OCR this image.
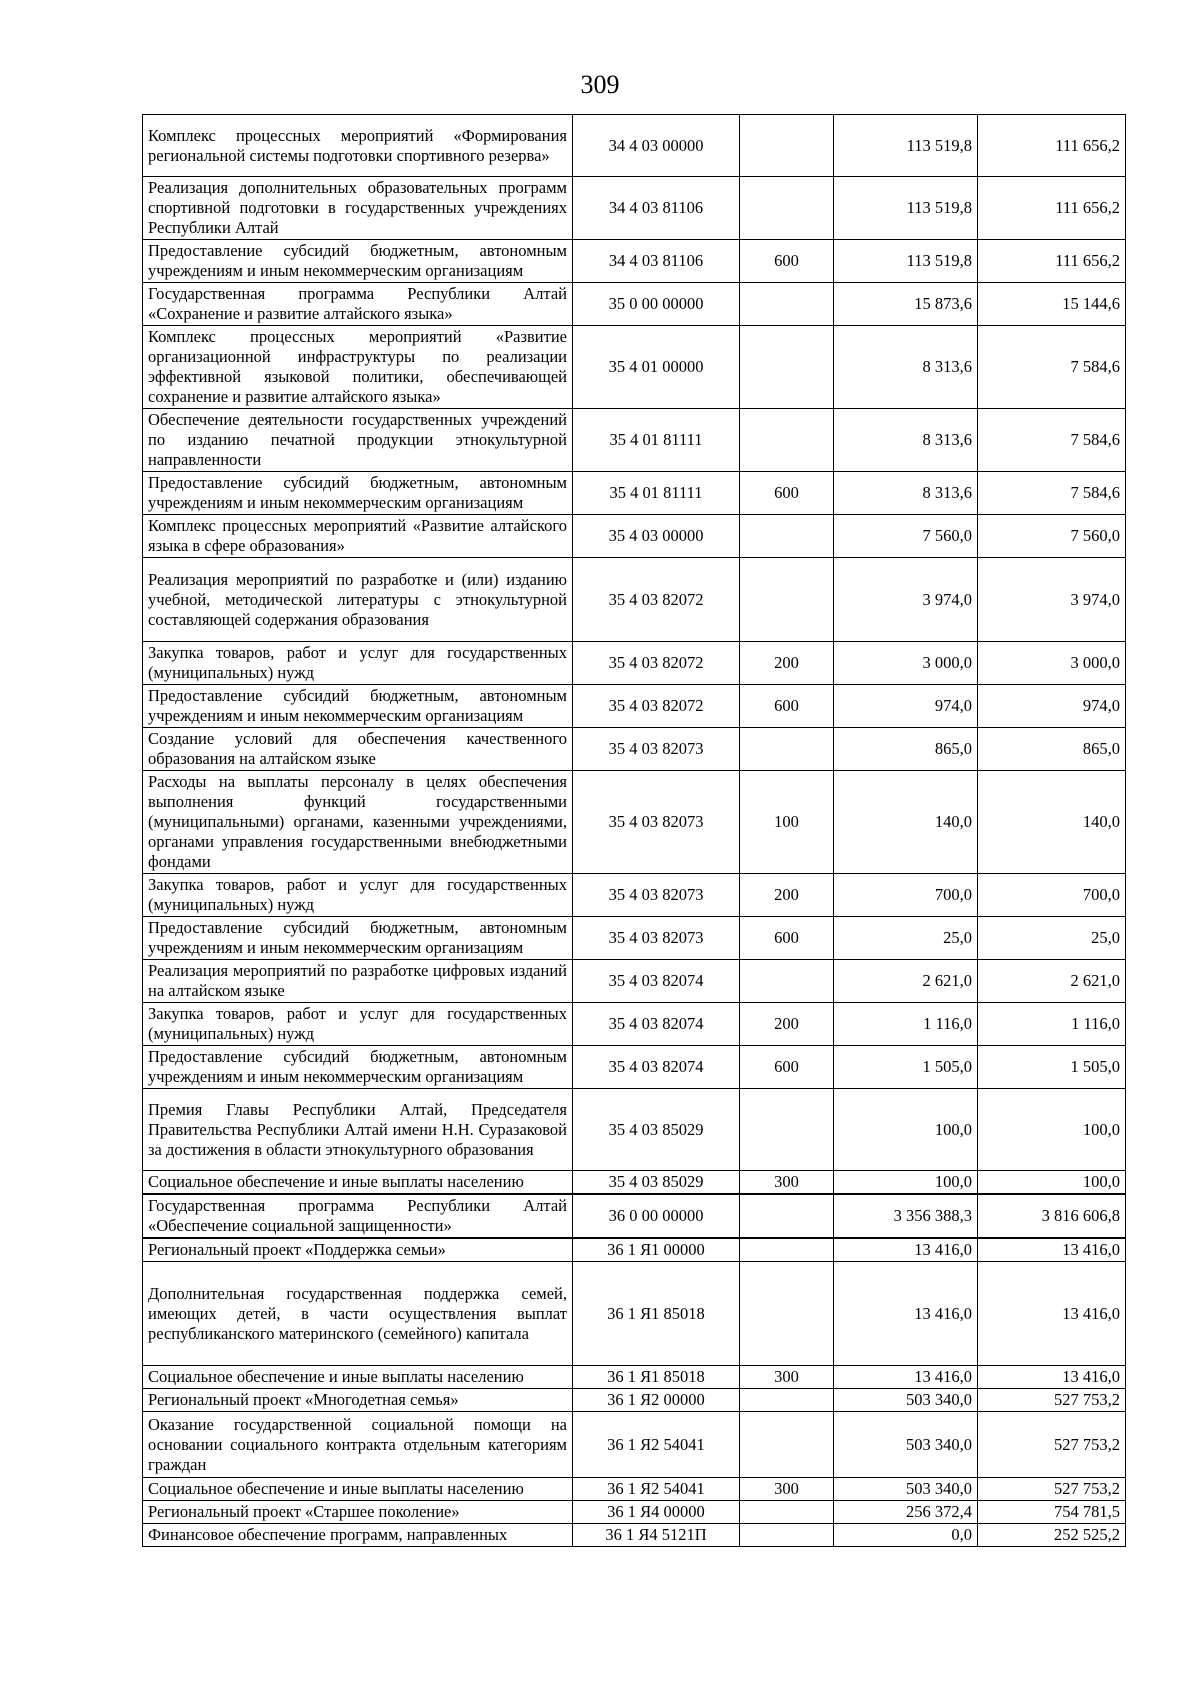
309
Комплекс процессных мероприятий «Формирования региональной системы подготовки спортивного резерва»	34 4 03 00000		113 519,8	111 656,2
Реализация дополнительных образовательных программ спортивной подготовки в государственных учреждениях Республики Алтай	34 4 03 81106		113 519,8	111 656,2
Предоставление субсидий бюджетным, автономным учреждениям и иным некоммерческим организациям	34 4 03 81106	600	113 519,8	111 656,2
Государственная программа Республики Алтай «Сохранение и развитие алтайского языка»	35 0 00 00000		15 873,6	15 144,6
Комплекс процессных мероприятий «Развитие организационной инфраструктуры по реализации эффективной языковой политики, обеспечивающей сохранение и развитие алтайского языка»	35 4 01 00000		8 313,6	7 584,6
Обеспечение деятельности государственных учреждений по изданию печатной продукции этнокультурной направленности	35 4 01 81111		8 313,6	7 584,6
Предоставление субсидий бюджетным, автономным учреждениям и иным некоммерческим организациям	35 4 01 81111	600	8 313,6	7 584,6
Комплекс процессных мероприятий «Развитие алтайского языка в сфере образования»	35 4 03 00000		7 560,0	7 560,0
Реализация мероприятий по разработке и (или) изданию учебной, методической литературы с этнокультурной составляющей содержания образования	35 4 03 82072		3 974,0	3 974,0
Закупка товаров, работ и услуг для государственных (муниципальных) нужд	35 4 03 82072	200	3 000,0	3 000,0
Предоставление субсидий бюджетным, автономным учреждениям и иным некоммерческим организациям	35 4 03 82072	600	974,0	974,0
Создание условий для обеспечения качественного образования на алтайском языке	35 4 03 82073		865,0	865,0
Расходы на выплаты персоналу в целях обеспечения выполнения функций государственными (муниципальными) органами, казенными учреждениями, органами управления государственными внебюджетными фондами	35 4 03 82073	100	140,0	140,0
Закупка товаров, работ и услуг для государственных (муниципальных) нужд	35 4 03 82073	200	700,0	700,0
Предоставление субсидий бюджетным, автономным учреждениям и иным некоммерческим организациям	35 4 03 82073	600	25,0	25,0
Реализация мероприятий по разработке цифровых изданий на алтайском языке	35 4 03 82074		2 621,0	2 621,0
Закупка товаров, работ и услуг для государственных (муниципальных) нужд	35 4 03 82074	200	1 116,0	1 116,0
Предоставление субсидий бюджетным, автономным учреждениям и иным некоммерческим организациям	35 4 03 82074	600	1 505,0	1 505,0
Премия Главы Республики Алтай, Председателя Правительства Республики Алтай имени Н.Н. Суразаковой за достижения в области этнокультурного образования	35 4 03 85029		100,0	100,0
Социальное обеспечение и иные выплаты населению	35 4 03 85029	300	100,0	100,0
Государственная программа Республики Алтай «Обеспечение социальной защищенности»	36 0 00 00000		3 356 388,3	3 816 606,8
Региональный проект «Поддержка семьи»	36 1 Я1 00000		13 416,0	13 416,0
Дополнительная государственная поддержка семей, имеющих детей, в части осуществления выплат республиканского материнского (семейного) капитала	36 1 Я1 85018		13 416,0	13 416,0
Социальное обеспечение и иные выплаты населению	36 1 Я1 85018	300	13 416,0	13 416,0
Региональный проект «Многодетная семья»	36 1 Я2 00000		503 340,0	527 753,2
Оказание государственной социальной помощи на основании социального контракта отдельным категориям граждан	36 1 Я2 54041		503 340,0	527 753,2
Социальное обеспечение и иные выплаты населению	36 1 Я2 54041	300	503 340,0	527 753,2
Региональный проект «Старшее поколение»	36 1 Я4 00000		256 372,4	754 781,5
Финансовое обеспечение программ, направленных	36 1 Я4 5121П		0,0	252 525,2
